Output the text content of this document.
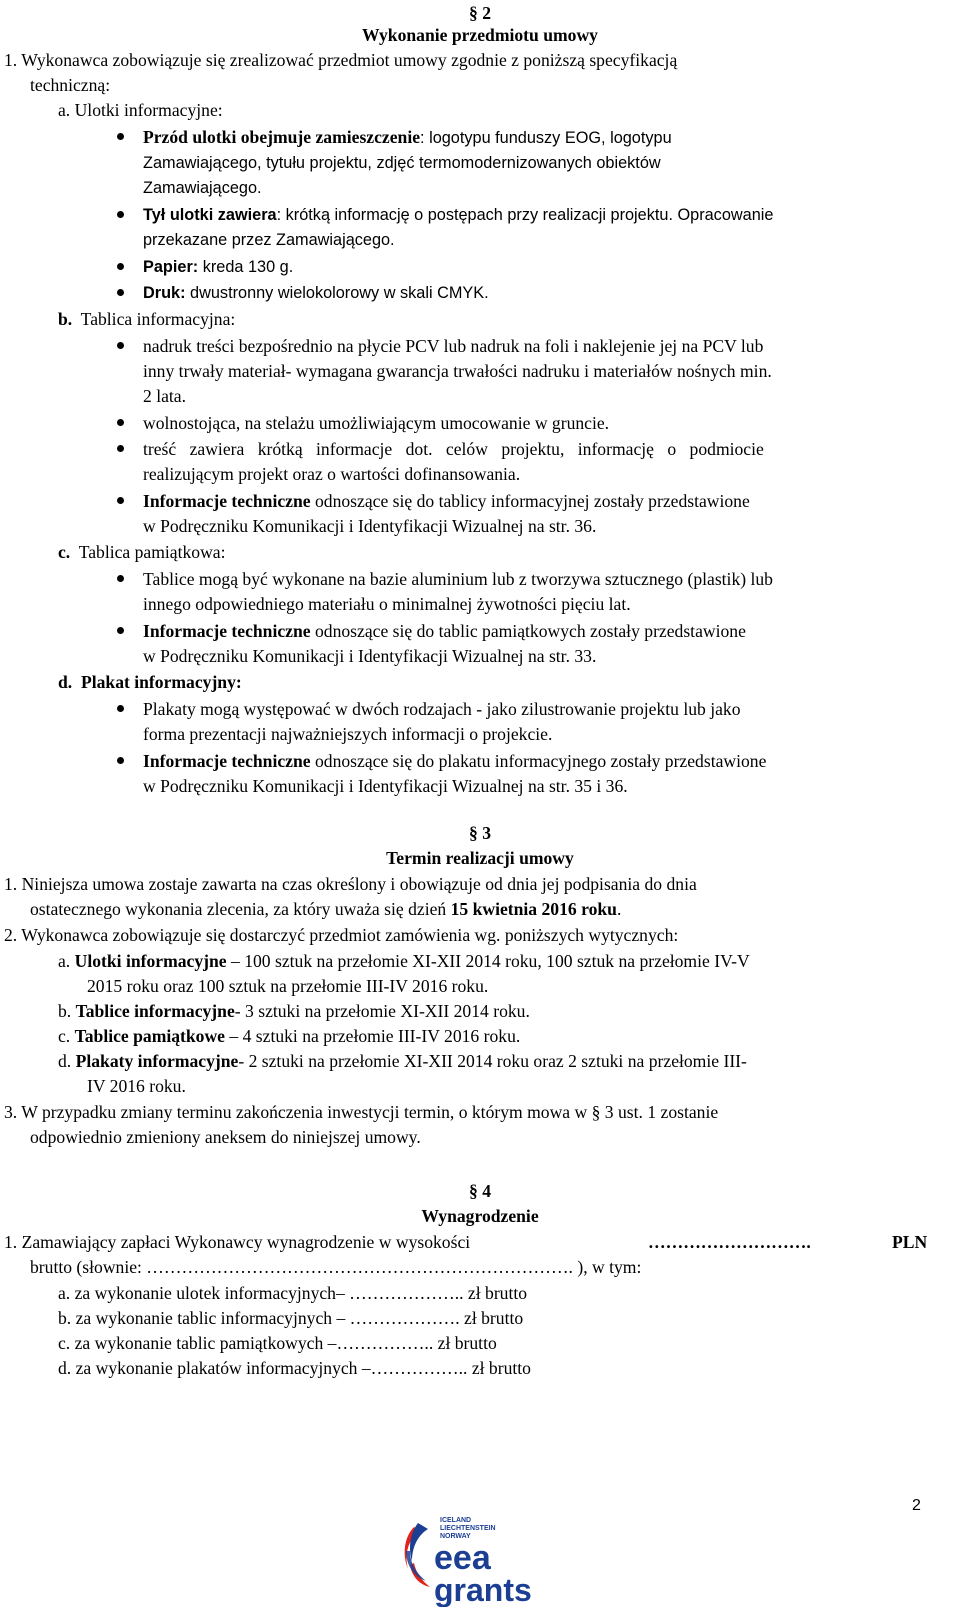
§ 2
Wykonanie przedmiotu umowy
1. Wykonawca zobowiązuje się zrealizować przedmiot umowy zgodnie z poniższą specyfikacją
techniczną:
a. Ulotki informacyjne:
Przód ulotki obejmuje zamieszczenie: logotypu funduszy EOG, logotypu
Zamawiającego, tytułu projektu, zdjęć termomodernizowanych obiektów
Zamawiającego.
Tył ulotki zawiera: krótką informację o postępach przy realizacji projektu. Opracowanie
przekazane przez Zamawiającego.
Papier: kreda 130 g.
Druk: dwustronny wielokolorowy w skali CMYK.
b. Tablica informacyjna:
nadruk treści bezpośrednio na płycie PCV lub nadruk na foli i naklejenie jej na PCV lub
inny trwały materiał- wymagana gwarancja trwałości nadruku i materiałów nośnych min.
2 lata.
wolnostojąca, na stelażu umożliwiającym umocowanie w gruncie.
treść zawiera krótką informacje dot. celów projektu, informację o podmiocie
realizującym projekt oraz o wartości dofinansowania.
Informacje techniczne odnoszące się do tablicy informacyjnej zostały przedstawione
w Podręczniku Komunikacji i Identyfikacji Wizualnej na str. 36.
c. Tablica pamiątkowa:
Tablice mogą być wykonane na bazie aluminium lub z tworzywa sztucznego (plastik) lub
innego odpowiedniego materiału o minimalnej żywotności pięciu lat.
Informacje techniczne odnoszące się do tablic pamiątkowych zostały przedstawione
w Podręczniku Komunikacji i Identyfikacji Wizualnej na str. 33.
d. Plakat informacyjny:
Plakaty mogą występować w dwóch rodzajach - jako zilustrowanie projektu lub jako
forma prezentacji najważniejszych informacji o projekcie.
Informacje techniczne odnoszące się do plakatu informacyjnego zostały przedstawione
w Podręczniku Komunikacji i Identyfikacji Wizualnej na str. 35 i 36.
§ 3
Termin realizacji umowy
1. Niniejsza umowa zostaje zawarta na czas określony i obowiązuje od dnia jej podpisania do dnia
ostatecznego wykonania zlecenia, za który uważa się dzień 15 kwietnia 2016 roku.
2. Wykonawca zobowiązuje się dostarczyć przedmiot zamówienia wg. poniższych wytycznych:
a. Ulotki informacyjne – 100 sztuk na przełomie XI-XII 2014 roku, 100 sztuk na przełomie IV-V
2015 roku oraz 100 sztuk na przełomie III-IV 2016 roku.
b. Tablice informacyjne- 3 sztuki na przełomie XI-XII 2014 roku.
c. Tablice pamiątkowe – 4 sztuki na przełomie III-IV 2016 roku.
d. Plakaty informacyjne- 2 sztuki na przełomie XI-XII 2014 roku oraz 2 sztuki na przełomie III-
IV 2016 roku.
3. W przypadku zmiany terminu zakończenia inwestycji termin, o którym mowa w § 3 ust. 1 zostanie
odpowiednio zmieniony aneksem do niniejszej umowy.
§ 4
Wynagrodzenie
1. Zamawiający zapłaci Wykonawcy wynagrodzenie w wysokości	……………………….	PLN
brutto (słownie: ………………………………………………………………. ), w tym:
a. za wykonanie ulotek informacyjnych– ……………….. zł brutto
b. za wykonanie tablic informacyjnych – ………………. zł brutto
c. za wykonanie tablic pamiątkowych –…………….. zł brutto
d. za wykonanie plakatów informacyjnych –…………….. zł brutto
2
ICELAND
LIECHTENSTEIN
NORWAY
eea
grants
